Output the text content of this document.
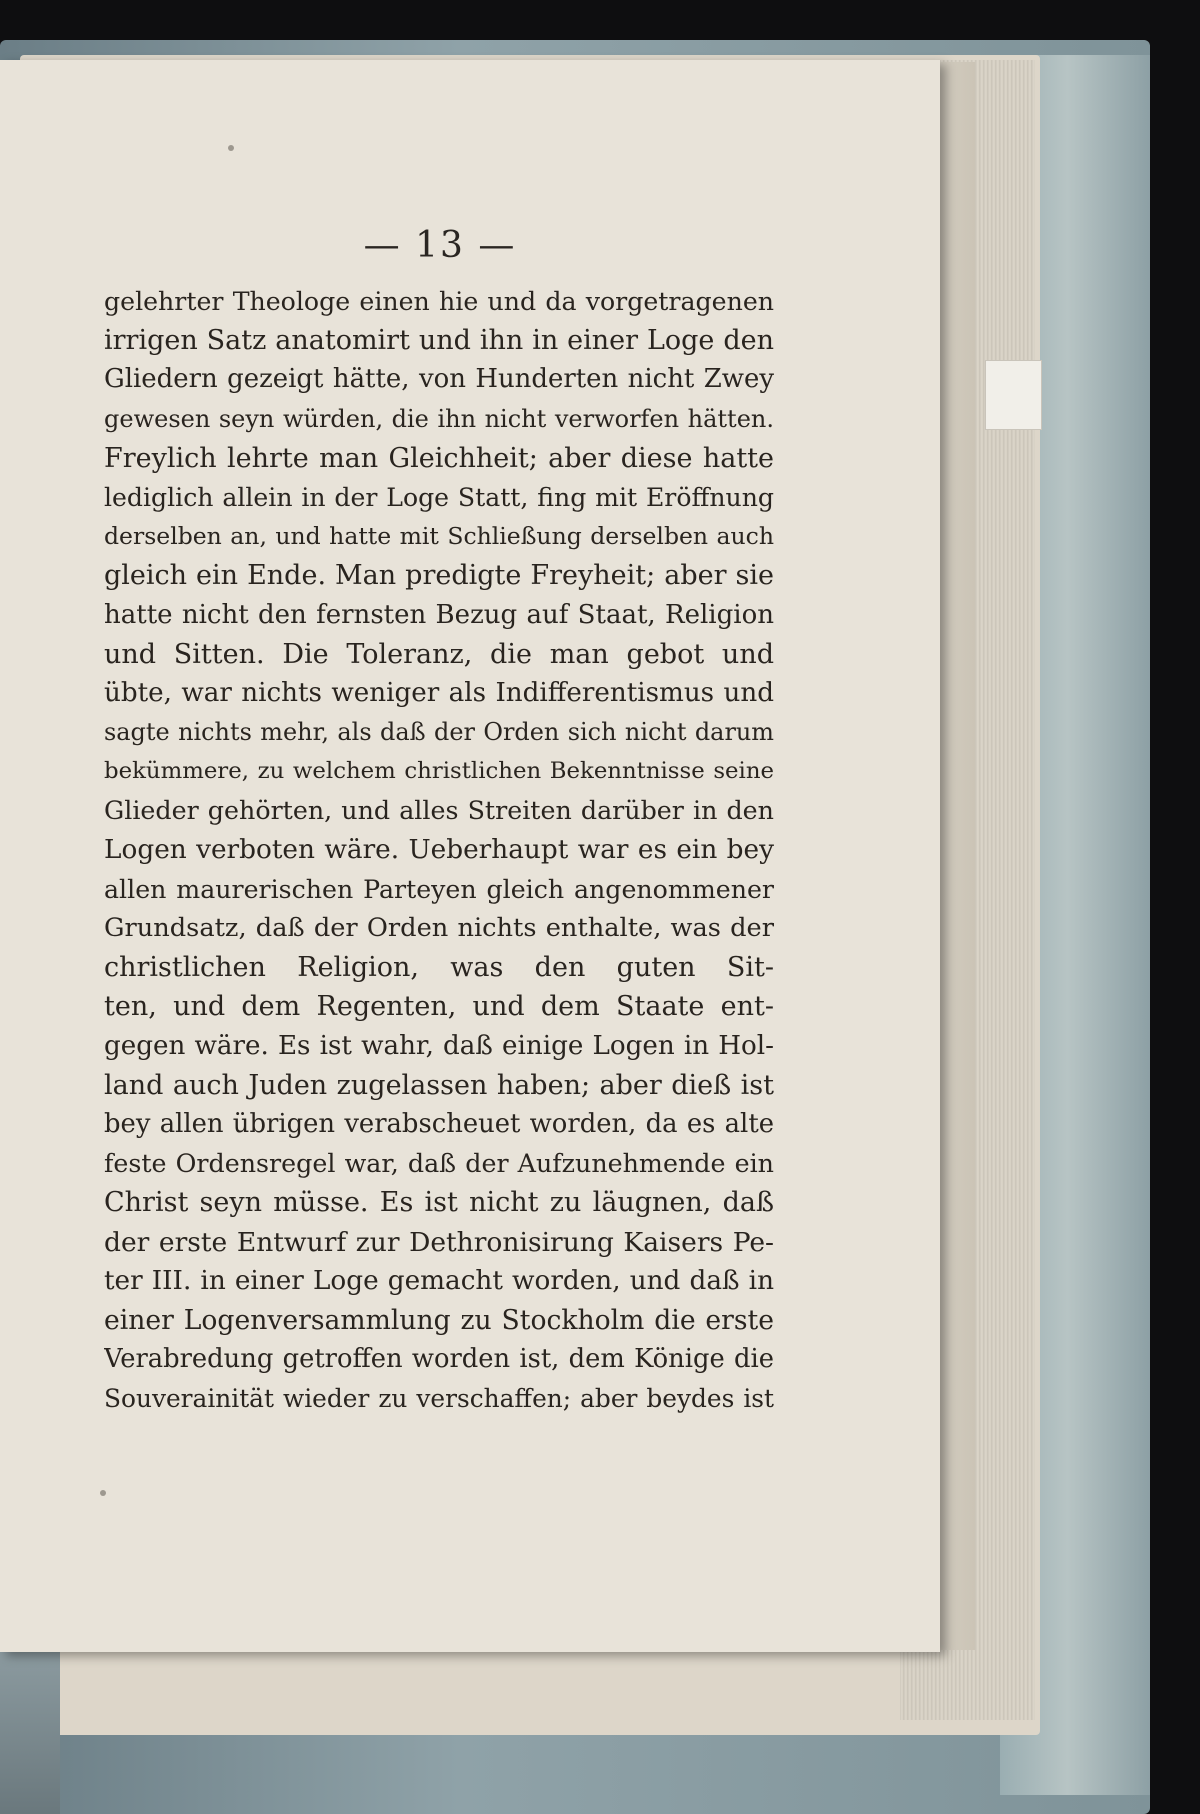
— 13 —
gelehrter Theologe einen hie und da vorgetragenen
irrigen Satz anatomirt und ihn in einer Loge den
Gliedern gezeigt hätte, von Hunderten nicht Zwey
gewesen seyn würden, die ihn nicht verworfen hätten.
Freylich lehrte man Gleichheit; aber diese hatte
lediglich allein in der Loge Statt, fing mit Eröffnung
derselben an, und hatte mit Schließung derselben auch
gleich ein Ende. Man predigte Freyheit; aber sie
hatte nicht den fernsten Bezug auf Staat, Religion
und Sitten. Die Toleranz, die man gebot und
übte, war nichts weniger als Indifferentismus und
sagte nichts mehr, als daß der Orden sich nicht darum
bekümmere, zu welchem christlichen Bekenntnisse seine
Glieder gehörten, und alles Streiten darüber in den
Logen verboten wäre. Ueberhaupt war es ein bey
allen maurerischen Parteyen gleich angenommener
Grundsatz, daß der Orden nichts enthalte, was der
christlichen Religion, was den guten Sit-
ten, und dem Regenten, und dem Staate ent-
gegen wäre. Es ist wahr, daß einige Logen in Hol-
land auch Juden zugelassen haben; aber dieß ist
bey allen übrigen verabscheuet worden, da es alte
feste Ordensregel war, daß der Aufzunehmende ein
Christ seyn müsse. Es ist nicht zu läugnen, daß
der erste Entwurf zur Dethronisirung Kaisers Pe-
ter III. in einer Loge gemacht worden, und daß in
einer Logenversammlung zu Stockholm die erste
Verabredung getroffen worden ist, dem Könige die
Souverainität wieder zu verschaffen; aber beydes ist
